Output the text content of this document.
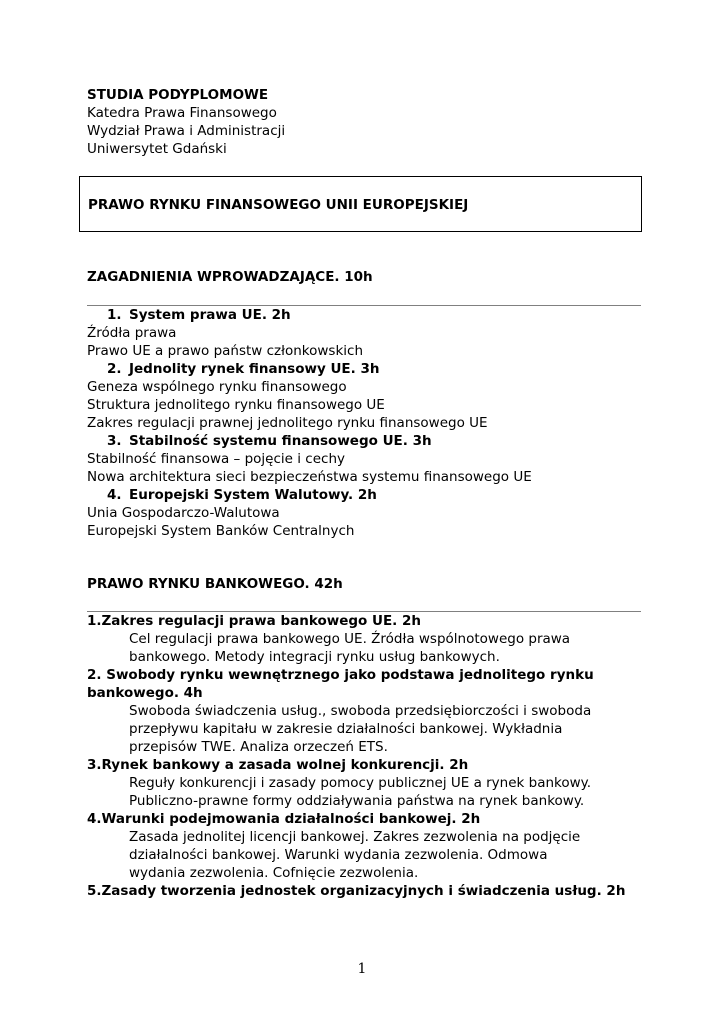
STUDIA PODYPLOMOWE
Katedra Prawa Finansowego
Wydział Prawa i Administracji
Uniwersytet Gdański
PRAWO RYNKU FINANSOWEGO UNII EUROPEJSKIEJ
ZAGADNIENIA WPROWADZAJĄCE. 10h
1. System prawa UE. 2h
Źródła prawa
Prawo UE a prawo państw członkowskich
2. Jednolity rynek finansowy UE. 3h
Geneza wspólnego rynku finansowego
Struktura jednolitego rynku finansowego UE
Zakres regulacji prawnej jednolitego rynku finansowego UE
3. Stabilność systemu finansowego UE. 3h
Stabilność finansowa – pojęcie i cechy
Nowa architektura sieci bezpieczeństwa systemu finansowego UE
4. Europejski System Walutowy. 2h
Unia Gospodarczo-Walutowa
Europejski System Banków Centralnych
PRAWO RYNKU BANKOWEGO. 42h
1.Zakres regulacji prawa bankowego UE. 2h
Cel regulacji prawa bankowego UE. Źródła wspólnotowego prawa
bankowego. Metody integracji rynku usług bankowych.
2. Swobody rynku wewnętrznego jako podstawa jednolitego rynku
bankowego. 4h
Swoboda świadczenia usług., swoboda przedsiębiorczości i swoboda
przepływu kapitału w zakresie działalności bankowej. Wykładnia
przepisów TWE. Analiza orzeczeń ETS.
3.Rynek bankowy a zasada wolnej konkurencji. 2h
Reguły konkurencji i zasady pomocy publicznej UE a rynek bankowy.
Publiczno-prawne formy oddziaływania państwa na rynek bankowy.
4.Warunki podejmowania działalności bankowej. 2h
Zasada jednolitej licencji bankowej. Zakres zezwolenia na podjęcie
działalności bankowej. Warunki wydania zezwolenia. Odmowa
wydania zezwolenia. Cofnięcie zezwolenia.
5.Zasady tworzenia jednostek organizacyjnych i świadczenia usług. 2h
1
